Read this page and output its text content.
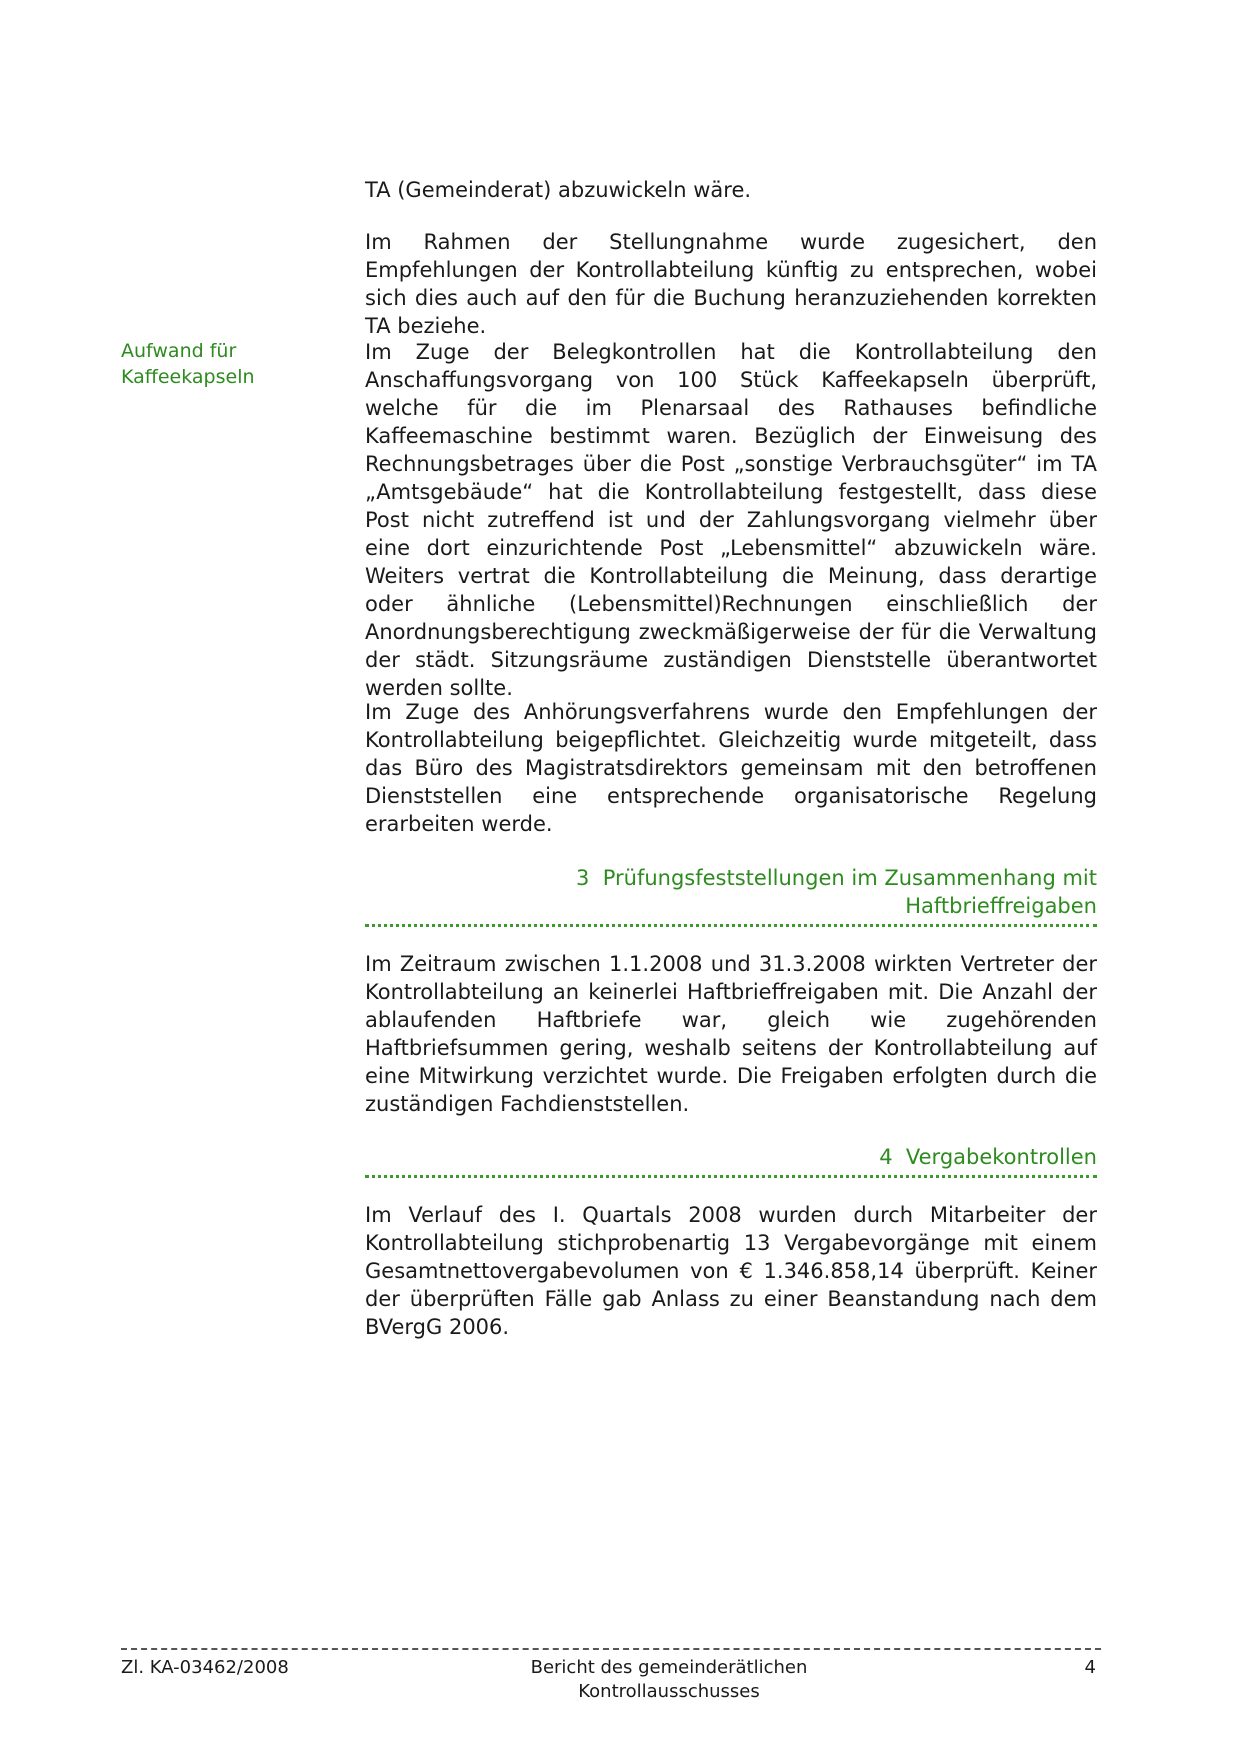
TA (Gemeinderat) abzuwickeln wäre.

Im Rahmen der Stellungnahme wurde zugesichert, den Empfehlungen der Kontrollabteilung künftig zu entsprechen, wobei sich dies auch auf den für die Buchung heranzuziehenden korrekten TA beziehe.

Aufwand für
Kaffeekapseln

Im Zuge der Belegkontrollen hat die Kontrollabteilung den Anschaffungsvorgang von 100 Stück Kaffeekapseln überprüft, welche für die im Plenarsaal des Rathauses befindliche Kaffeemaschine bestimmt waren. Bezüglich der Einweisung des Rechnungsbetrages über die Post „sonstige Verbrauchsgüter“ im TA „Amtsgebäude“ hat die Kontrollabteilung festgestellt, dass diese Post nicht zutreffend ist und der Zahlungsvorgang vielmehr über eine dort einzurichtende Post „Lebensmittel“ abzuwickeln wäre. Weiters vertrat die Kontrollabteilung die Meinung, dass derartige oder ähnliche (Lebensmittel)Rechnungen einschließlich der Anordnungsberechtigung zweckmäßigerweise der für die Verwaltung der städt. Sitzungsräume zuständigen Dienststelle überantwortet werden sollte.

Im Zuge des Anhörungsverfahrens wurde den Empfehlungen der Kontrollabteilung beigepflichtet. Gleichzeitig wurde mitgeteilt, dass das Büro des Magistratsdirektors gemeinsam mit den betroffenen Dienststellen eine entsprechende organisatorische Regelung erarbeiten werde.

3  Prüfungsfeststellungen im Zusammenhang mit
Haftbrieffreigaben

Im Zeitraum zwischen 1.1.2008 und 31.3.2008 wirkten Vertreter der Kontrollabteilung an keinerlei Haftbrieffreigaben mit. Die Anzahl der ablaufenden Haftbriefe war, gleich wie zugehörenden Haftbriefsummen gering, weshalb seitens der Kontrollabteilung auf eine Mitwirkung verzichtet wurde. Die Freigaben erfolgten durch die zuständigen Fachdienststellen.

4  Vergabekontrollen

Im Verlauf des I. Quartals 2008 wurden durch Mitarbeiter der Kontrollabteilung stichprobenartig 13 Vergabevorgänge mit einem Gesamtnettovergabevolumen von € 1.346.858,14 überprüft. Keiner der überprüften Fälle gab Anlass zu einer Beanstandung nach dem BVergG 2006.

Zl. KA-03462/2008	Bericht des gemeinderätlichen Kontrollausschusses
4
